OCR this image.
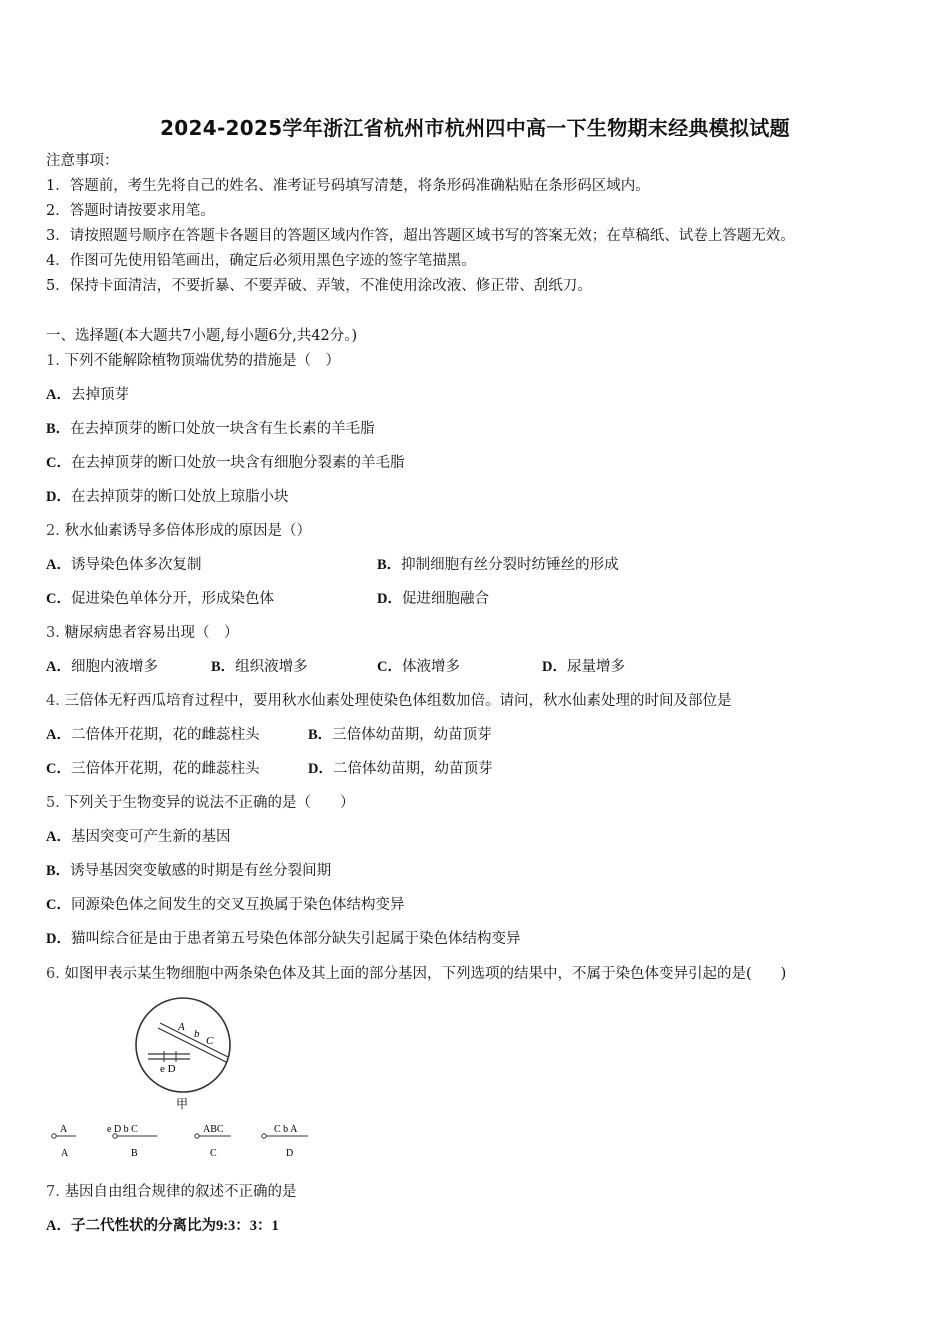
2024-2025学年浙江省杭州市杭州四中高一下生物期末经典模拟试题
注意事项：
1．答题前，考生先将自己的姓名、准考证号码填写清楚，将条形码准确粘贴在条形码区域内。
2．答题时请按要求用笔。
3．请按照题号顺序在答题卡各题目的答题区域内作答，超出答题区域书写的答案无效；在草稿纸、试卷上答题无效。
4．作图可先使用铅笔画出，确定后必须用黑色字迹的签字笔描黑。
5．保持卡面清洁，不要折暴、不要弄破、弄皱，不准使用涂改液、修正带、刮纸刀。
一、选择题(本大题共7小题,每小题6分,共42分。)
1. 下列不能解除植物顶端优势的措施是（　）
A．去掉顶芽
B．在去掉顶芽的断口处放一块含有生长素的羊毛脂
C．在去掉顶芽的断口处放一块含有细胞分裂素的羊毛脂
D．在去掉顶芽的断口处放上琼脂小块
2. 秋水仙素诱导多倍体形成的原因是（）
A．诱导染色体多次复制	B．抑制细胞有丝分裂时纺锤丝的形成
C．促进染色单体分开，形成染色体	D．促进细胞融合
3. 糖尿病患者容易出现（　）
A．细胞内液增多	B．组织液增多	C．体液增多	D．尿量增多
4. 三倍体无籽西瓜培育过程中，要用秋水仙素处理使染色体组数加倍。请问，秋水仙素处理的时间及部位是
A．二倍体开花期，花的雌蕊柱头	B．三倍体幼苗期，幼苗顶芽
C．三倍体开花期，花的雌蕊柱头	D．二倍体幼苗期，幼苗顶芽
5. 下列关于生物变异的说法不正确的是（　　）
A．基因突变可产生新的基因
B．诱导基因突变敏感的时期是有丝分裂间期
C．同源染色体之间发生的交叉互换属于染色体结构变异
D．猫叫综合征是由于患者第五号染色体部分缺失引起属于染色体结构变异
6. 如图甲表示某生物细胞中两条染色体及其上面的部分基因，下列选项的结果中，不属于染色体变异引起的是(　　)
A
b
C
e D
甲
A
A
e D b C
B
ABC
C
C b A
D
7. 基因自由组合规律的叙述不正确的是
A．子二代性状的分离比为9:3：3：1
